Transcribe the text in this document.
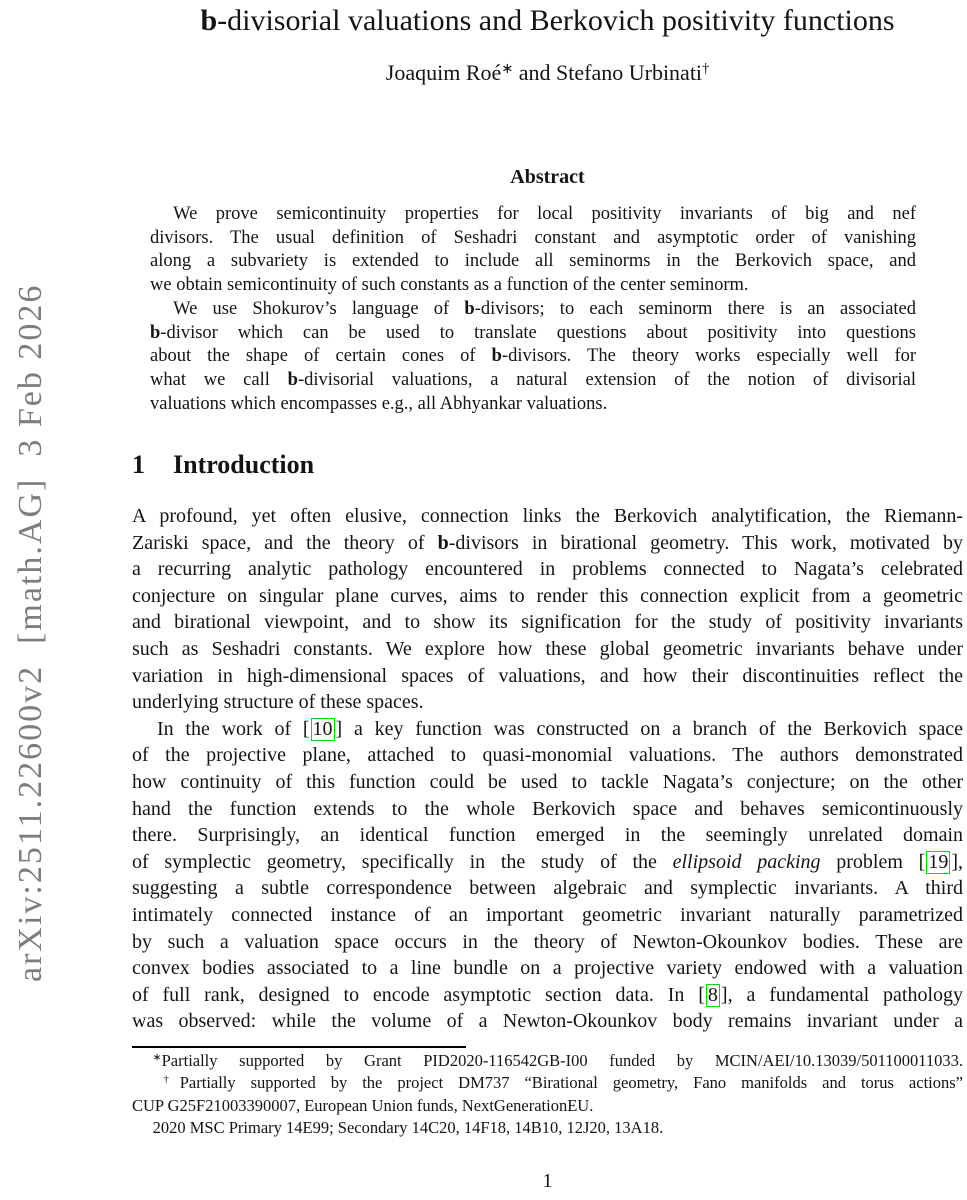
arXiv:2511.22600v2  [math.AG]  3 Feb 2026
b-divisorial valuations and Berkovich positivity functions
Joaquim Roé∗ and Stefano Urbinati†
Abstract
We prove semicontinuity properties for local positivity invariants of big and nef
divisors. The usual definition of Seshadri constant and asymptotic order of vanishing
along a subvariety is extended to include all seminorms in the Berkovich space, and
we obtain semicontinuity of such constants as a function of the center seminorm.
We use Shokurov’s language of b-divisors; to each seminorm there is an associated
b-divisor which can be used to translate questions about positivity into questions
about the shape of certain cones of b-divisors. The theory works especially well for
what we call b-divisorial valuations, a natural extension of the notion of divisorial
valuations which encompasses e.g., all Abhyankar valuations.
1 Introduction
A profound, yet often elusive, connection links the Berkovich analytification, the Riemann-
Zariski space, and the theory of b-divisors in birational geometry. This work, motivated by
a recurring analytic pathology encountered in problems connected to Nagata’s celebrated
conjecture on singular plane curves, aims to render this connection explicit from a geometric
and birational viewpoint, and to show its signification for the study of positivity invariants
such as Seshadri constants. We explore how these global geometric invariants behave under
variation in high-dimensional spaces of valuations, and how their discontinuities reflect the
underlying structure of these spaces.
In the work of [ 10 ] a key function was constructed on a branch of the Berkovich space
of the projective plane, attached to quasi-monomial valuations. The authors demonstrated
how continuity of this function could be used to tackle Nagata’s conjecture; on the other
hand the function extends to the whole Berkovich space and behaves semicontinuously
there. Surprisingly, an identical function emerged in the seemingly unrelated domain
of symplectic geometry, specifically in the study of the ellipsoid packing problem [ 19 ],
suggesting a subtle correspondence between algebraic and symplectic invariants. A third
intimately connected instance of an important geometric invariant naturally parametrized
by such a valuation space occurs in the theory of Newton-Okounkov bodies. These are
convex bodies associated to a line bundle on a projective variety endowed with a valuation
of full rank, designed to encode asymptotic section data. In [ 8 ], a fundamental pathology
was observed: while the volume of a Newton-Okounkov body remains invariant under a
∗Partially supported by Grant PID2020-116542GB-I00 funded by MCIN/AEI/10.13039/501100011033.
†Partially supported by the project DM737 “Birational geometry, Fano manifolds and torus actions”
CUP G25F21003390007, European Union funds, NextGenerationEU.
2020 MSC Primary 14E99; Secondary 14C20, 14F18, 14B10, 12J20, 13A18.
1
